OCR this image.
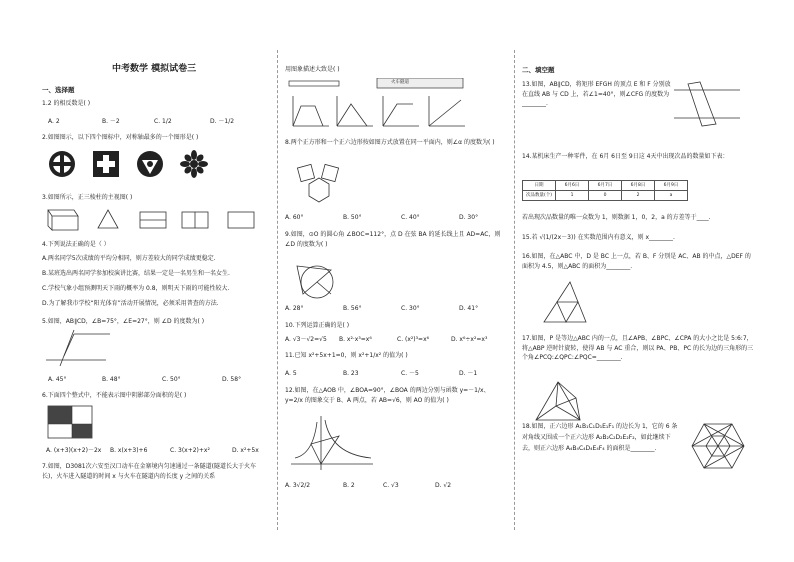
中考数学 模拟试卷三
一、选择题
1.2 的相反数是( )
A. 2	B. －2	C. 1/2	D. －1/2
2.如图图示，以下四个图标中，对称轴最多的一个图形是( )
3.如图所示，正三棱柱的主视图( )
4.下列说法正确的是（ ）
A.两名同学5次成绩的平均分相同，则方差较大的同学成绩更稳定.
B.某班选出两名同学参加校演讲比赛，结果一定是一名男生和一名女生.
C.学校气象小组预测明天下雨的概率为 0.8，则明天下雨的可能性较大.
D.为了解我市学校“阳光体育”活动开展情况，必须采用普查的方法.
5.如图，AB∥CD，∠B=75°，∠E=27°，则 ∠D 的度数为( )
A. 45°	B. 48°	C. 50°	D. 58°
6.下面四个整式中，不能表示图中阴影部分面积的是( )
A. (x+3)(x+2)－2x B. x(x+3)+6	C. 3(x+2)+x²	D. x²+5x
7.如图，D3081次六安至汉口动车在金寨境内匀速通过一条隧道(隧道长大于火车长)，火车进入隧道的时间 x 与火车在隧道内的长度 y 之间的关系
用图象描述大致是( )
火车隧道
8.两个正方形和一个正六边形按如图方式放置在同一平面内，则∠α 的度数为( )
A. 60°	B. 50°	C. 40°	D. 30°
9.如图，⊙O 的圆心角 ∠BOC=112°，点 D 在弦 BA 的延长线上且 AD=AC，则∠D 的度数为( )
A. 28°	B. 56°	C. 30°	D. 41°
10.下列运算正确的是( )
A. √3－√2=√5 B. x²·x³=x⁶	C. (x²)³=x⁶	D. x⁶÷x²=x³
11.已知 x²+5x+1=0，则 x²+1/x² 的值为( )
A. 5	B. 23	C. －5	D. －1
12.如图，在△AOB 中，∠BOA=90°，∠BOA 的两边分别与函数 y=－1/x、y=2/x 的图象交于 B、A 两点，若 AB=√6，则 AO 的值为( )
A. 3√2/2	B. 2	C. √3	D. √2
二、填空题
13.如图，AB∥CD，将矩形 EFGH 的顶点 E 和 F 分别放在直线 AB 与 CD 上，若∠1=40°，则∠CFG 的度数为________.
14.某机床生产一种零件，在 6月 6日至 9日这 4天中出现次品的数量如下表：
日期	6月6日	6月7日	6月8日	6月9日
次品数量(个)	1	0	2	a
若出现次品数量的唯一众数为 1，则数据 1，0，2，a 的方差等于____.
15.若 √(1/(2x－3)) 在实数范围内有意义，则 x________.
16.如图，在△ABC 中，D 是 BC 上一点，若 B、F 分别是 AC、AB 的中点，△DEF 的面积为 4.5，则△ABC 的面积为________.
17.如图，P 是等边△ABC 内的一点，且∠APB、∠BPC、∠CPA 的大小之比是 5:6:7，将△ABP 逆时针旋转，使得 AB 与 AC 重合，则以 PA、PB、PC 的长为边的三角形的三个角∠PCQ:∠QPC:∠PQC=________.
18.如图，正六边形 A₁B₁C₁D₁E₁F₁ 的边长为 1，它的 6 条对角线又围成一个正六边形 A₂B₂C₂D₂E₂F₂，如此继续下去，则正六边形 A₄B₄C₄D₄E₄F₄ 的面积是________.
